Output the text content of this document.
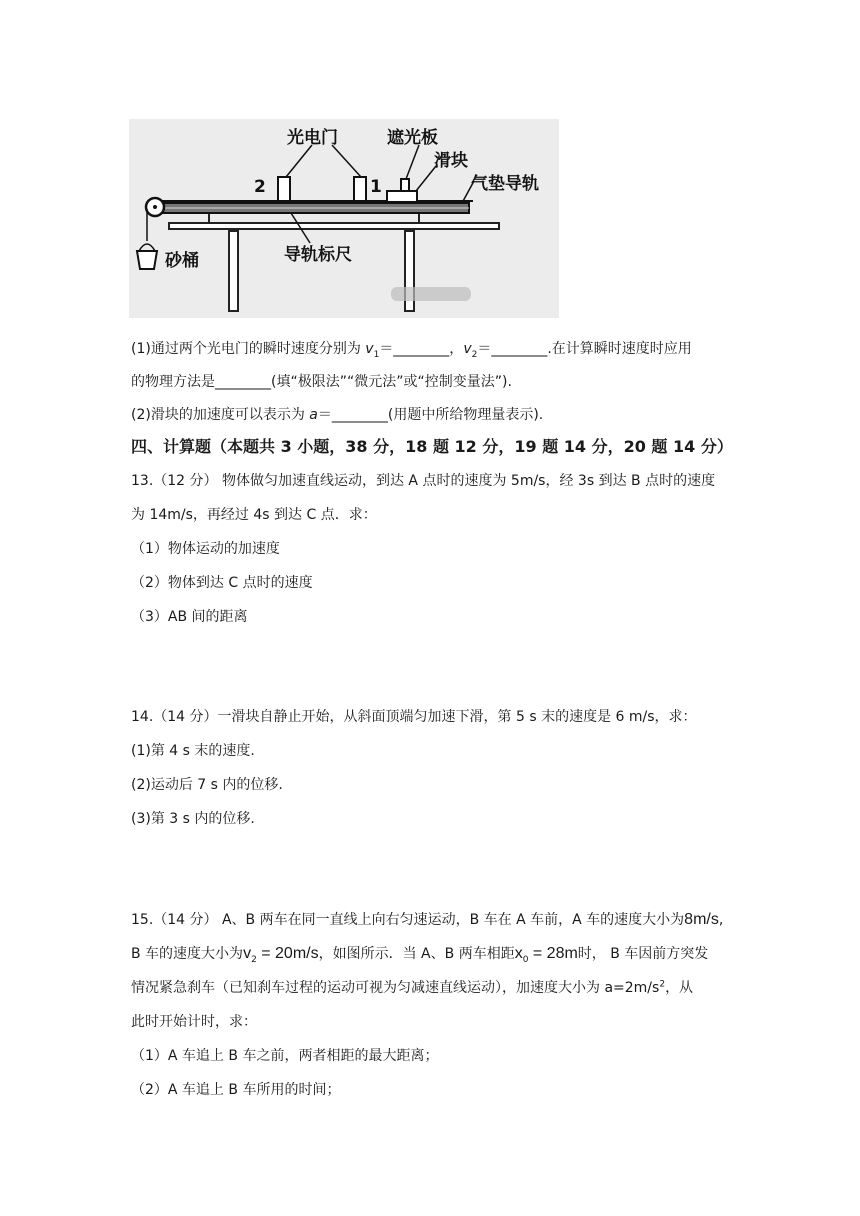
光电门	遮光板
滑块
气垫导轨
2	1
砂桶	导轨标尺
(1)通过两个光电门的瞬时速度分别为 $v_1=\_\_\_\_\_\_\_\_$，$v_2=\_\_\_\_\_\_\_\_$.在计算瞬时速度时应用
的物理方法是________(填“极限法”“微元法”或“控制变量法”).
(2)滑块的加速度可以表示为 a＝________(用题中所给物理量表示).
四、计算题（本题共 3 小题，38 分，18 题 12 分，19 题 14 分，20 题 14 分）
13.（12 分） 物体做匀加速直线运动，到达 A 点时的速度为 5m/s，经 3s 到达 B 点时的速度
为 14m/s，再经过 4s 到达 C 点．求：
（1）物体运动的加速度
（2）物体到达 C 点时的速度
（3）AB 间的距离
14.（14 分）一滑块自静止开始，从斜面顶端匀加速下滑，第 5 s 末的速度是 6 m/s，求：
(1)第 4 s 末的速度.
(2)运动后 7 s 内的位移.
(3)第 3 s 内的位移.
15.（14 分） A、B 两车在同一直线上向右匀速运动，B 车在 A 车前，A 车的速度大小为8m/s,
B 车的速度大小为$v_2 = 20m/s$，如图所示．当 A、B 两车相距$x_0 = 28m$时， B 车因前方突发
情况紧急刹车（已知刹车过程的运动可视为匀减速直线运动），加速度大小为 $a=2m/s^2$，从
此时开始计时，求：
（1）A 车追上 B 车之前，两者相距的最大距离；
（2）A 车追上 B 车所用的时间；
